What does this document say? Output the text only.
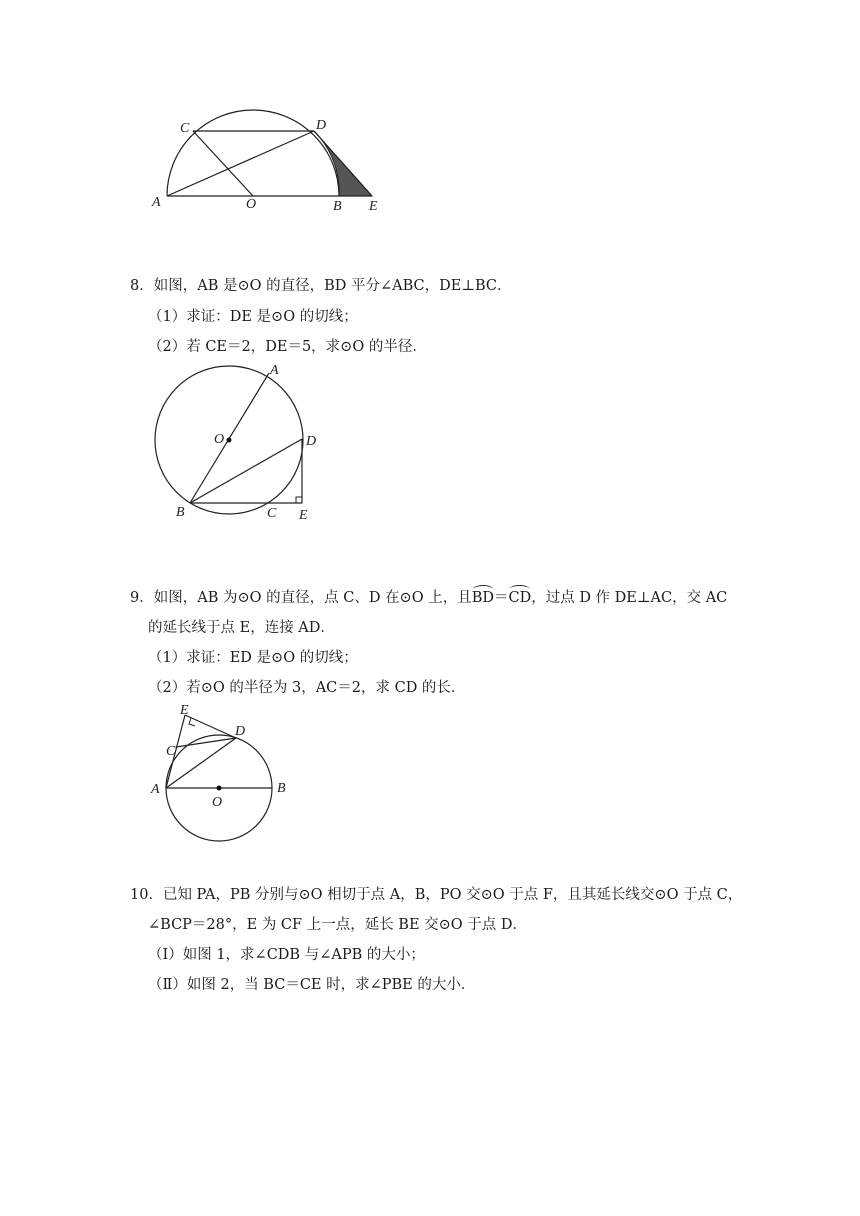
A	O	B E
C	D
8．如图，AB 是⊙O 的直径，BD 平分∠ABC，DE⊥BC．
（1）求证：DE 是⊙O 的切线；
（2）若 CE＝2，DE＝5，求⊙O 的半径．
A
O	D
B	C E
9．如图，AB 为⊙O 的直径，点 C、D 在⊙O 上，且BD＝CD，过点 D 作 DE⊥AC，交 AC
的延长线于点 E，连接 AD．
（1）求证：ED 是⊙O 的切线；
（2）若⊙O 的半径为 3，AC＝2，求 CD 的长．
E
D
C
A
O
B
10．已知 PA，PB 分别与⊙O 相切于点 A，B，PO 交⊙O 于点 F，且其延长线交⊙O 于点 C，
∠BCP＝28°，E 为 CF 上一点，延长 BE 交⊙O 于点 D．
（Ⅰ）如图 1，求∠CDB 与∠APB 的大小；
（Ⅱ）如图 2，当 BC＝CE 时，求∠PBE 的大小．
